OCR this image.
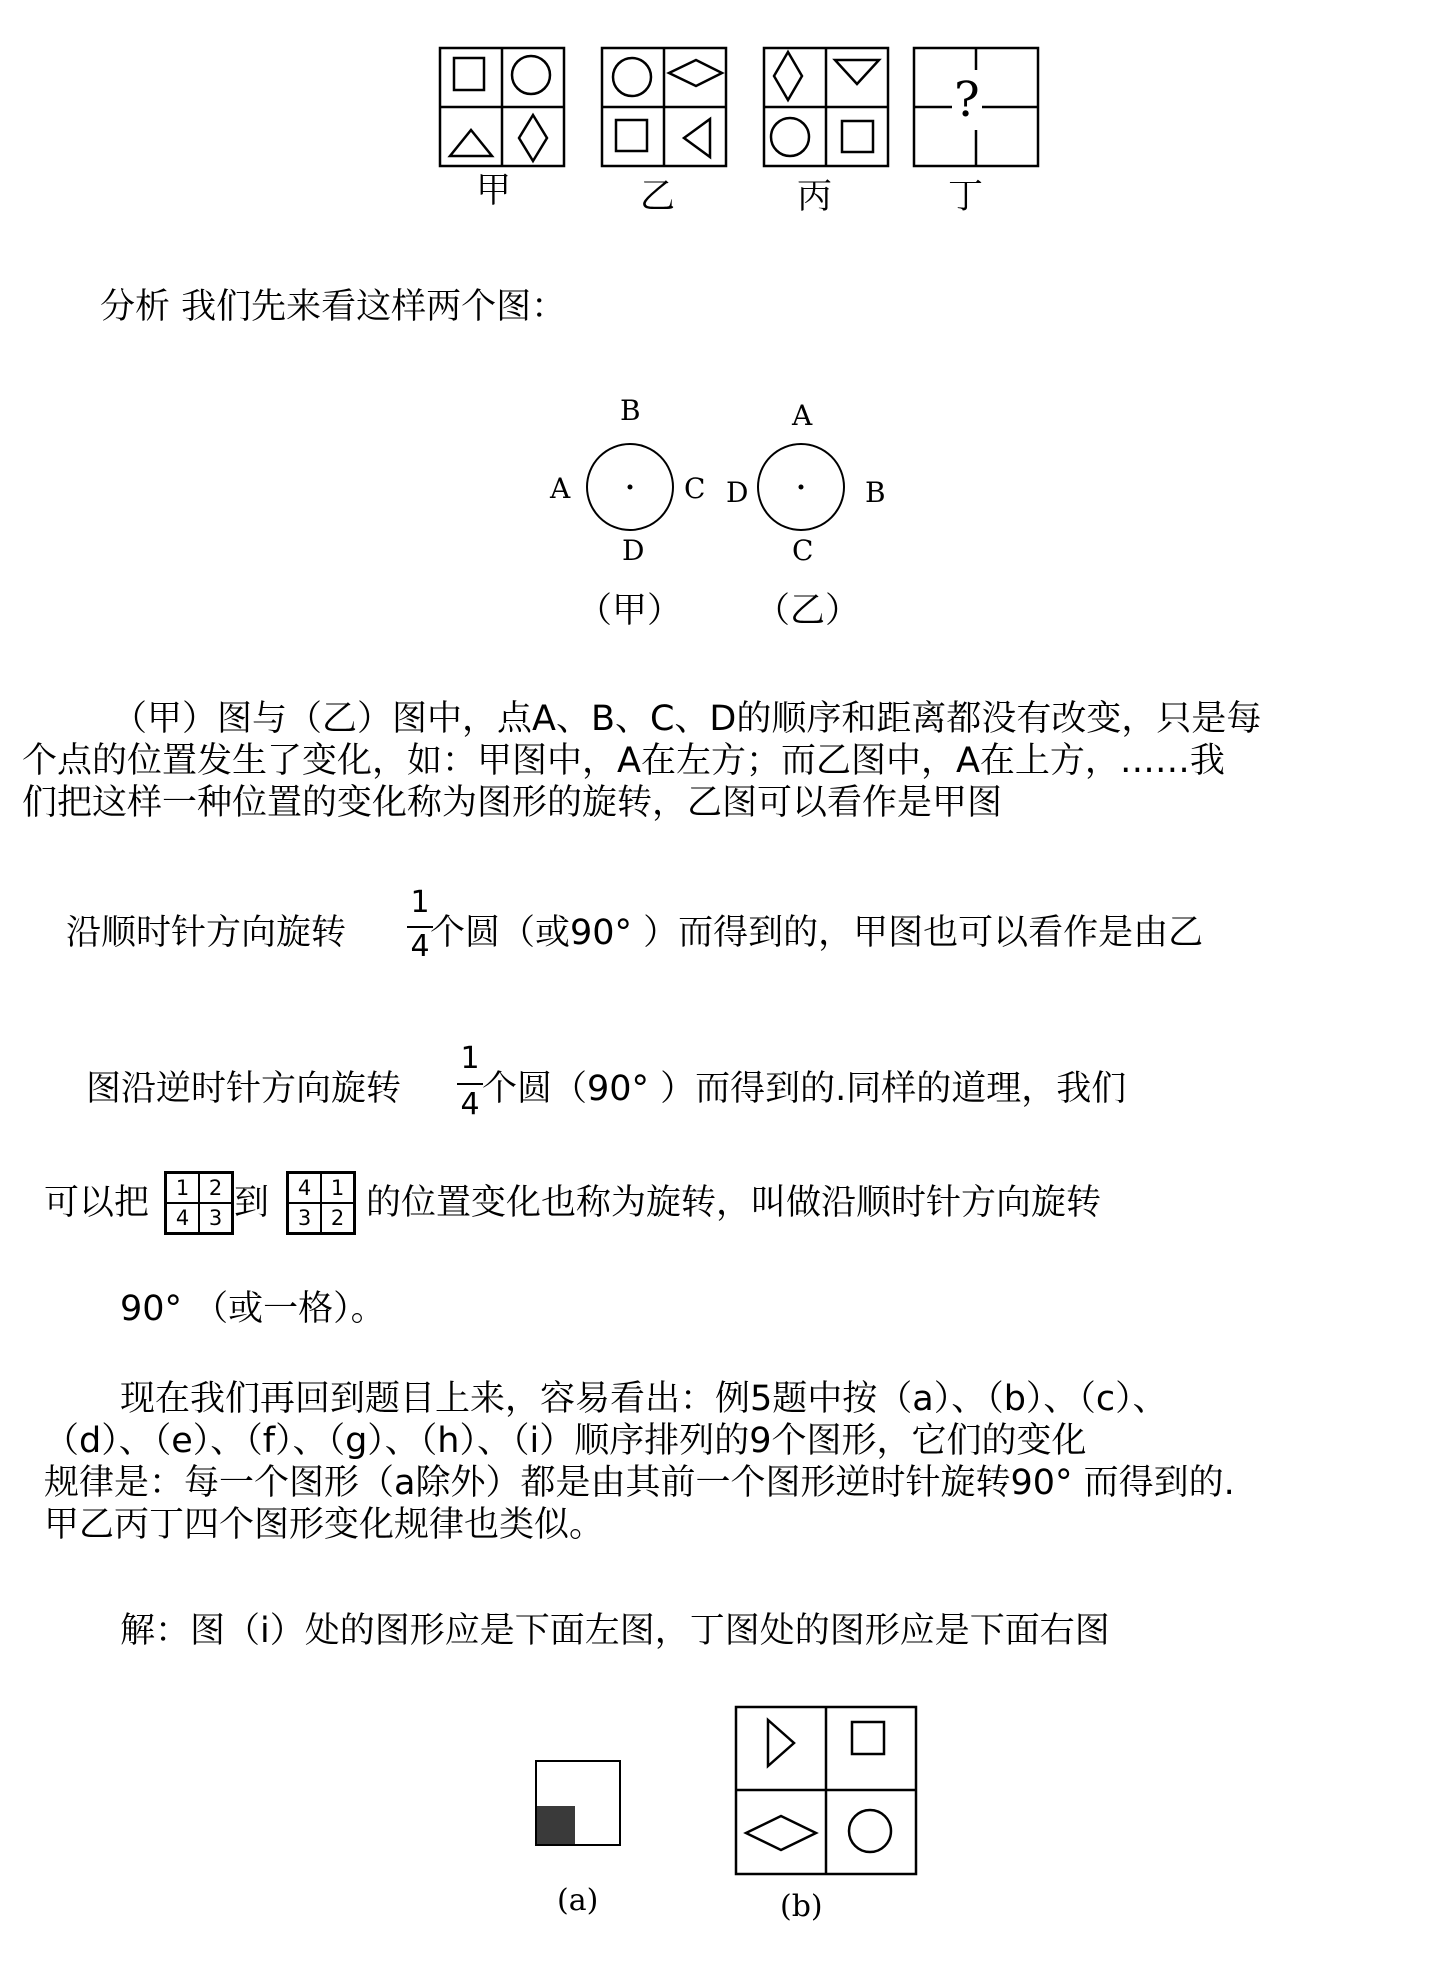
?
甲	乙	丙	丁
分析 我们先来看这样两个图：
B
A	C
D
A
D	B
C
（甲） （乙）
（甲）图与（乙）图中，点A、B、C、D的顺序和距离都没有改变，只是每
个点的位置发生了变化，如：甲图中，A在左方；而乙图中，A在上方，……我
们把这样一种位置的变化称为图形的旋转，乙图可以看作是甲图
沿顺时针方向旋转
1
4 个圆（或90° ）而得到的，甲图也可以看作是由乙
图沿逆时针方向旋转
1
4 个圆（90° ）而得到的.同样的道理，我们
可以把	1 2
4 3 到	4 1
3 2 的位置变化也称为旋转，叫做沿顺时针方向旋转
90° （或一格）。
现在我们再回到题目上来，容易看出：例5题中按（a）、（b）、（c）、
（d）、（e）、（f）、（g）、（h）、（i）顺序排列的9个图形，它们的变化
规律是：每一个图形（a除外）都是由其前一个图形逆时针旋转90° 而得到的.
甲乙丙丁四个图形变化规律也类似。
解：图（i）处的图形应是下面左图，丁图处的图形应是下面右图
(a)	(b)
